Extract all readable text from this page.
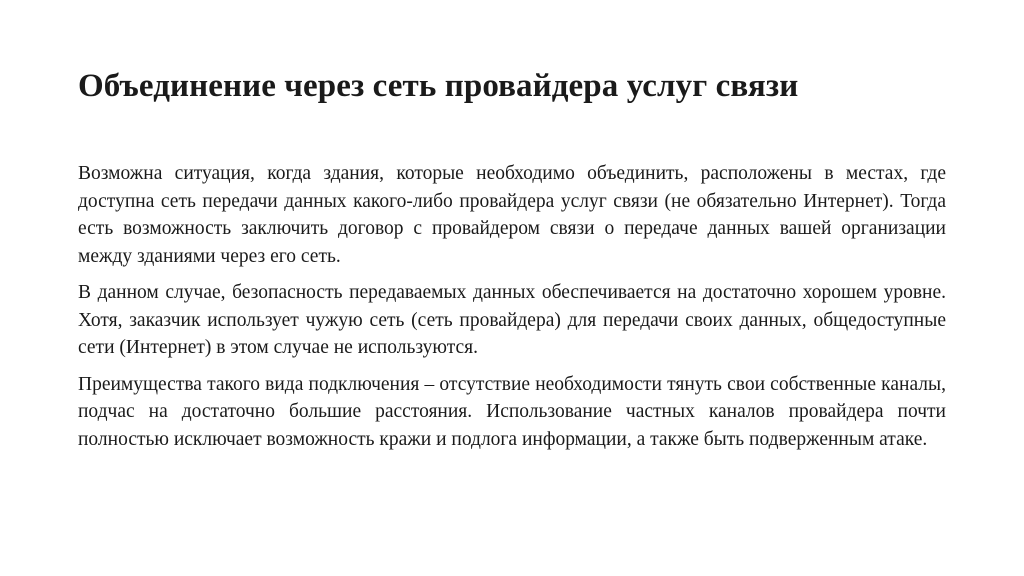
Объединение через сеть провайдера услуг связи

Возможна ситуация, когда здания, которые необходимо объединить, расположены в местах, где доступна сеть передачи данных какого-либо провайдера услуг связи (не обязательно Интернет). Тогда есть возможность заключить договор с провайдером связи о передаче данных вашей организации между зданиями через его сеть.

В данном случае, безопасность передаваемых данных обеспечивается на достаточно хорошем уровне. Хотя, заказчик использует чужую сеть (сеть провайдера) для передачи своих данных, общедоступные сети (Интернет) в этом случае не используются.

Преимущества такого вида подключения – отсутствие необходимости тянуть свои собственные каналы, подчас на достаточно большие расстояния. Использование частных каналов провайдера почти полностью исключает возможность кражи и подлога информации, а также быть подверженным атаке.
